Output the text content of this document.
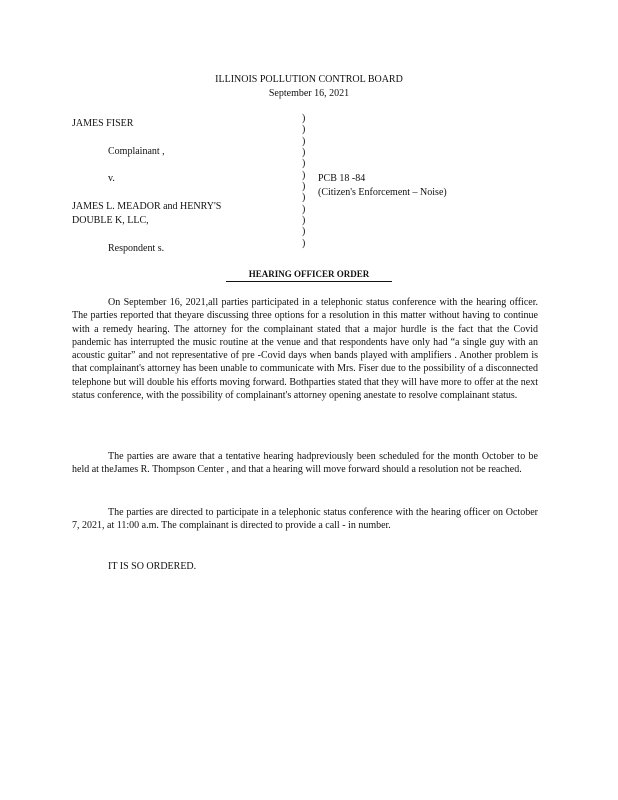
ILLINOIS POLLUTION CONTROL BOARD
September 16, 2021
JAMES FISER
Complainant ,
v.
JAMES L. MEADOR and HENRY'S
DOUBLE K, LLC,
Respondent s.
)
)
)
)
)
)
)
)
)
)
)
)
PCB 18 -84
(Citizen's Enforcement – Noise)
HEARING OFFICER ORDER

On September 16, 2021,all parties participated in a telephonic status conference with the hearing officer. The parties reported that theyare discussing three options for a resolution in this matter without having to continue with a remedy hearing. The attorney for the complainant stated that a major hurdle is the fact that the Covid pandemic has interrupted the music routine at the venue and that respondents have only had “a single guy with an acoustic guitar” and not representative of pre -Covid days when bands played with amplifiers . Another problem is that complainant's attorney has been unable to communicate with Mrs. Fiser due to the possibility of a disconnected telephone but will double his efforts moving forward. Bothparties stated that they will have more to offer at the next status conference, with the possibility of complainant's attorney opening anestate to resolve complainant status.

The parties are aware that a tentative hearing hadpreviously been scheduled for the month October to be held at theJames R. Thompson Center , and that a hearing will move forward should a resolution not be reached.

The parties are directed to participate in a telephonic status conference with the hearing officer on October 7, 2021, at 11:00 a.m. The complainant is directed to provide a call - in number.

IT IS SO ORDERED.
